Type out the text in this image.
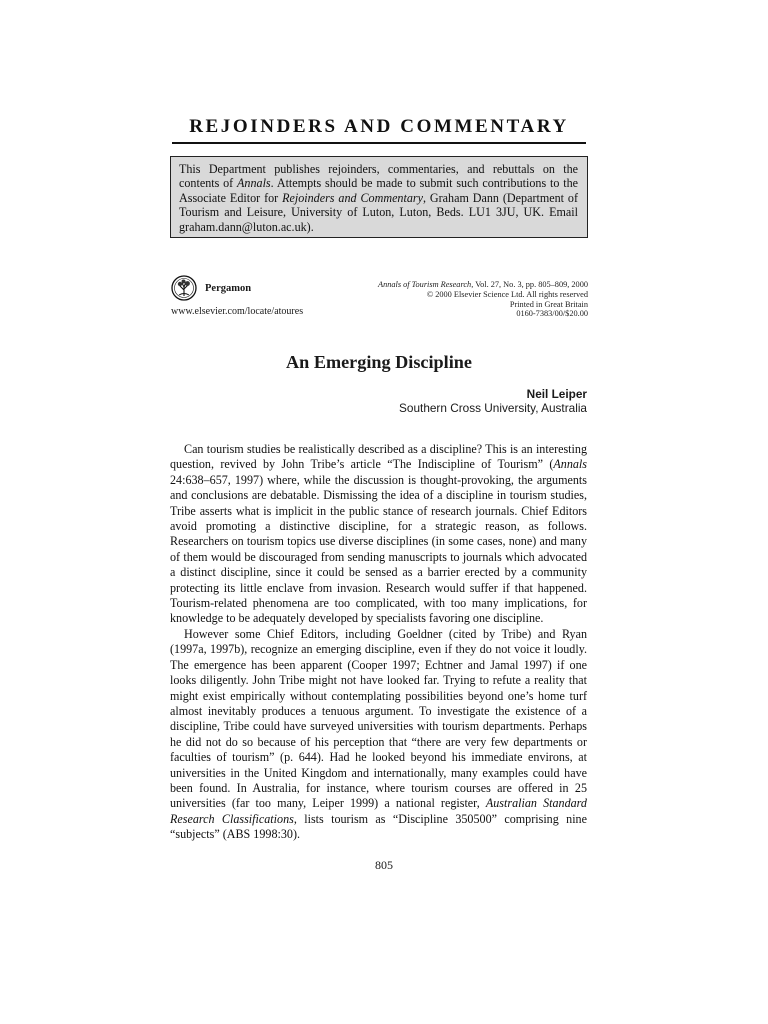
REJOINDERS AND COMMENTARY
This Department publishes rejoinders, commentaries, and rebuttals on the contents of Annals. Attempts should be made to submit such contributions to the Associate Editor for Rejoinders and Commentary, Graham Dann (Department of Tourism and Leisure, University of Luton, Luton, Beds. LU1 3JU, UK. Email graham.dann@luton.ac.uk).
Pergamon
www.elsevier.com/locate/atoures
Annals of Tourism Research, Vol. 27, No. 3, pp. 805–809, 2000
© 2000 Elsevier Science Ltd. All rights reserved
Printed in Great Britain
0160-7383/00/$20.00
An Emerging Discipline
Neil Leiper
Southern Cross University, Australia

Can tourism studies be realistically described as a discipline? This is an interesting question, revived by John Tribe’s article “The Indiscipline of Tourism” (Annals 24:638–657, 1997) where, while the discussion is thought-provoking, the arguments and conclusions are debatable. Dismissing the idea of a discipline in tourism studies, Tribe asserts what is implicit in the public stance of research journals. Chief Editors avoid promoting a distinctive discipline, for a strategic reason, as follows. Researchers on tourism topics use diverse disciplines (in some cases, none) and many of them would be discouraged from sending manuscripts to journals which advocated a distinct discipline, since it could be sensed as a barrier erected by a community protecting its little enclave from invasion. Research would suffer if that happened. Tourism-related phenomena are too complicated, with too many implications, for knowledge to be adequately developed by specialists favoring one discipline.

However some Chief Editors, including Goeldner (cited by Tribe) and Ryan (1997a, 1997b), recognize an emerging discipline, even if they do not voice it loudly. The emergence has been apparent (Cooper 1997; Echtner and Jamal 1997) if one looks diligently. John Tribe might not have looked far. Trying to refute a reality that might exist empirically without contemplating possibilities beyond one’s home turf almost inevitably produces a tenuous argument. To investigate the existence of a discipline, Tribe could have surveyed universities with tourism departments. Perhaps he did not do so because of his perception that “there are very few departments or faculties of tourism” (p. 644). Had he looked beyond his immediate environs, at universities in the United Kingdom and internationally, many examples could have been found. In Australia, for instance, where tourism courses are offered in 25 universities (far too many, Leiper 1999) a national register, Australian Standard Research Classifications, lists tourism as “Discipline 350500” comprising nine “subjects” (ABS 1998:30).

805
